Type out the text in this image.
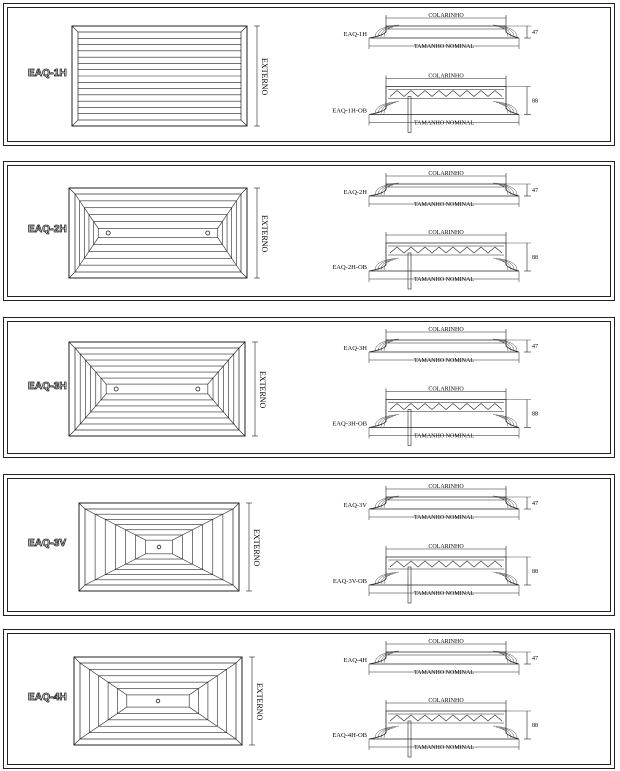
EAQ-1H
COLARINHO
EAQ-1H	47
TAMANHO NOMINAL
COLARINHO
EAQ-1H-OB
88
TAMANHO NOMINAL
EXTERNO
EAQ-2H
COLARINHO
EAQ-2H	47
TAMANHO NOMINAL
COLARINHO
EAQ-2H-OB
88
TAMANHO NOMINAL
EXTERNO
EAQ-3H
COLARINHO
EAQ-3H	47
TAMANHO NOMINAL
COLARINHO
EAQ-3H-OB
88
TAMANHO NOMINAL
EXTERNO
EAQ-3V
COLARINHO
EAQ-3V	47
TAMANHO NOMINAL
COLARINHO
EAQ-3V-OB
88
TAMANHO NOMINAL
EXTERNO
EAQ-4H
COLARINHO
EAQ-4H	47
TAMANHO NOMINAL
COLARINHO
EAQ-4H-OB
88
TAMANHO NOMINAL
EXTERNO
